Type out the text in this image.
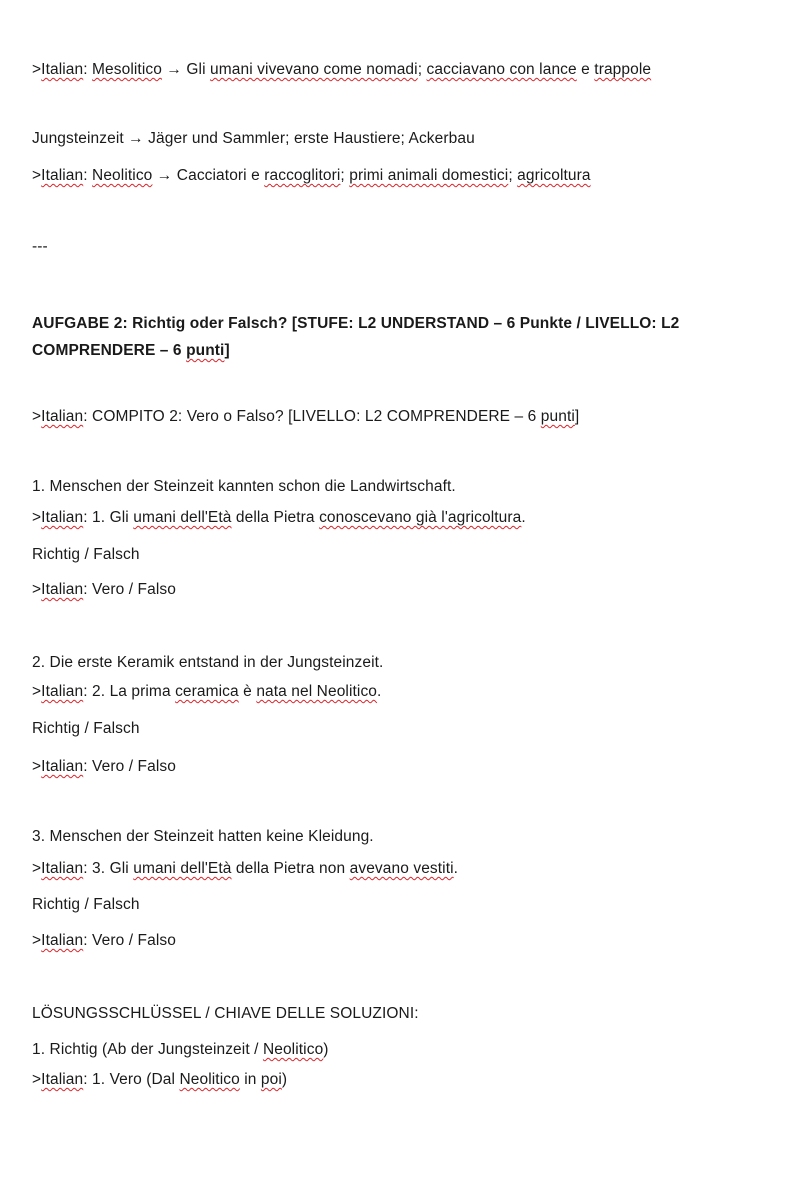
>Italian: Mesolitico → Gli umani vivevano come nomadi; cacciavano con lance e trappole
Jungsteinzeit → Jäger und Sammler; erste Haustiere; Ackerbau
>Italian: Neolitico → Cacciatori e raccoglitori; primi animali domestici; agricoltura
---
AUFGABE 2: Richtig oder Falsch? [STUFE: L2 UNDERSTAND – 6 Punkte / LIVELLO: L2 COMPRENDERE – 6 punti]
>Italian: COMPITO 2: Vero o Falso? [LIVELLO: L2 COMPRENDERE – 6 punti]
1. Menschen der Steinzeit kannten schon die Landwirtschaft.
>Italian: 1. Gli umani dell'Età della Pietra conoscevano già l'agricoltura.
Richtig / Falsch
>Italian: Vero / Falso
2. Die erste Keramik entstand in der Jungsteinzeit.
>Italian: 2. La prima ceramica è nata nel Neolitico.
Richtig / Falsch
>Italian: Vero / Falso
3. Menschen der Steinzeit hatten keine Kleidung.
>Italian: 3. Gli umani dell'Età della Pietra non avevano vestiti.
Richtig / Falsch
>Italian: Vero / Falso
LÖSUNGSSCHLÜSSEL / CHIAVE DELLE SOLUZIONI:
1. Richtig (Ab der Jungsteinzeit / Neolitico)
>Italian: 1. Vero (Dal Neolitico in poi)
